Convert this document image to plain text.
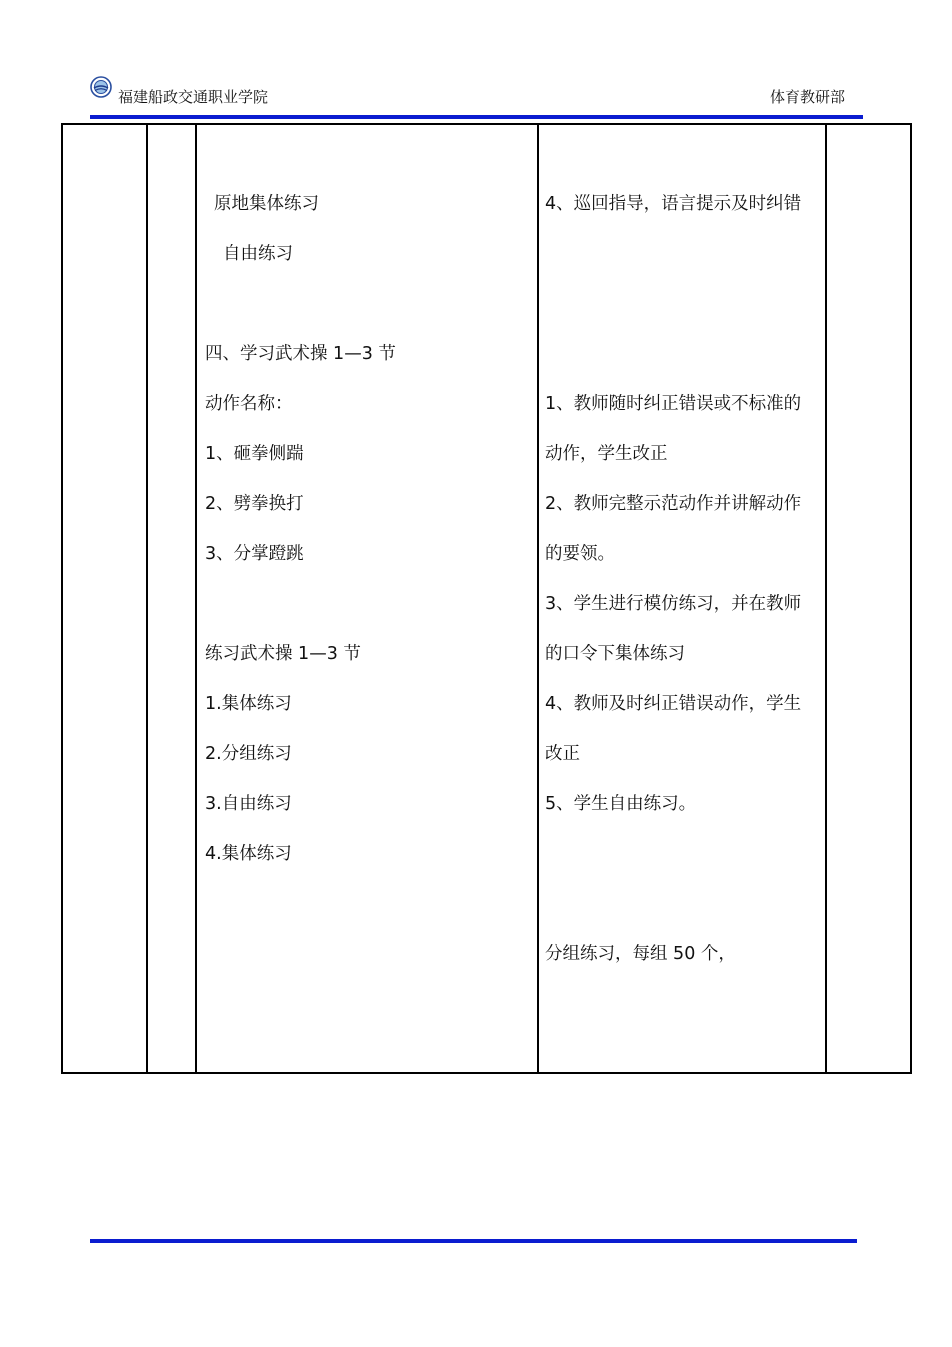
福建船政交通职业学院	体育教研部
原地集体练习
自由练习
四、学习武术操 1—3 节
动作名称：
1、砸拳侧踹
2、劈拳换打
3、分掌蹬跳
练习武术操 1—3 节
1.集体练习
2.分组练习
3.自由练习
4.集体练习
4、巡回指导，语言提示及时纠错
1、教师随时纠正错误或不标准的
动作，学生改正
2、教师完整示范动作并讲解动作
的要领。
3、学生进行模仿练习，并在教师
的口令下集体练习
4、教师及时纠正错误动作，学生
改正
5、学生自由练习。
分组练习，每组 50 个，
